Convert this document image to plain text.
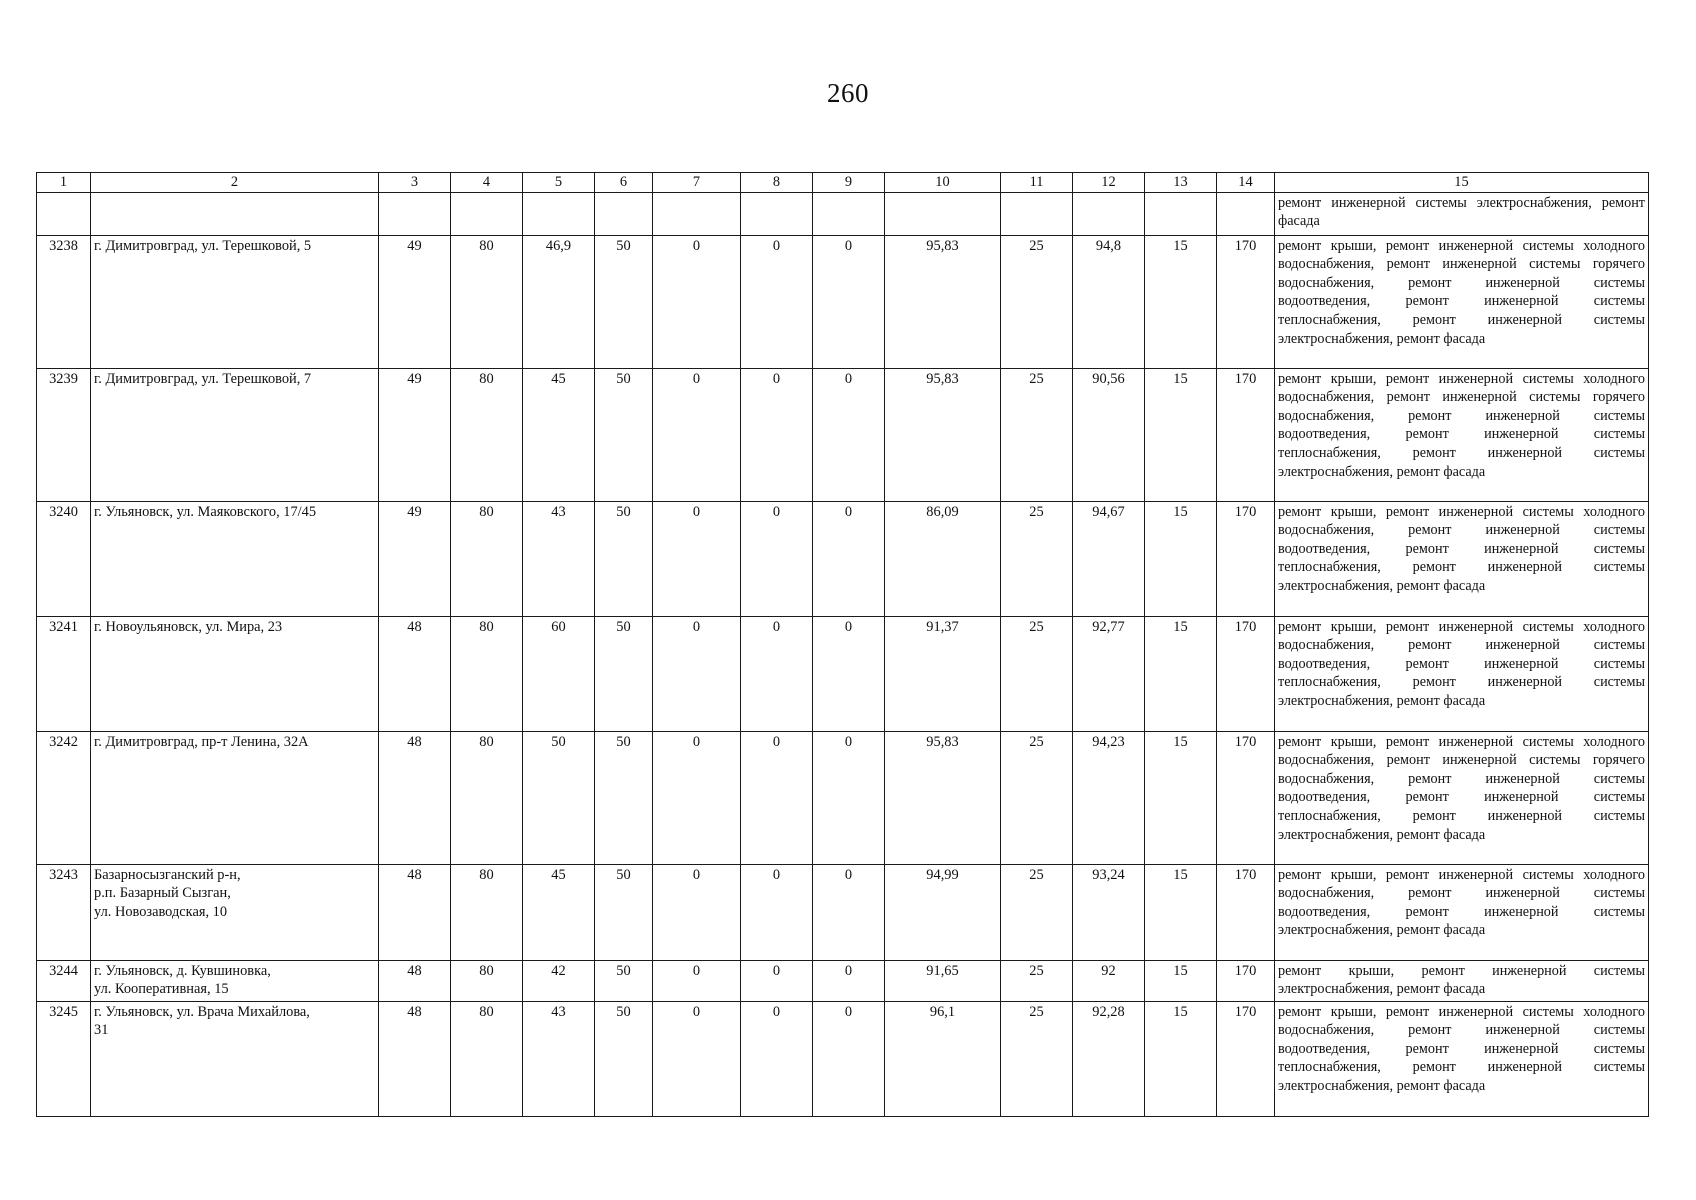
260
1	2	3	4	5	6	7	8	9	10	11	12	13	14	15
														ремонт инженерной системы электроснабжения, ремонт фасада
3238	г. Димитровград, ул. Терешковой, 5	49	80	46,9	50	0	0	0	95,83	25	94,8	15	170	ремонт крыши, ремонт инженерной системы холодного водоснабжения, ремонт инженерной системы горячего водоснабжения, ремонт инженерной системы водоотведения, ремонт инженерной системы теплоснабжения, ремонт инженерной системы электроснабжения, ремонт фасада
3239	г. Димитровград, ул. Терешковой, 7	49	80	45	50	0	0	0	95,83	25	90,56	15	170	ремонт крыши, ремонт инженерной системы холодного водоснабжения, ремонт инженерной системы горячего водоснабжения, ремонт инженерной системы водоотведения, ремонт инженерной системы теплоснабжения, ремонт инженерной системы электроснабжения, ремонт фасада
3240	г. Ульяновск, ул. Маяковского, 17/45	49	80	43	50	0	0	0	86,09	25	94,67	15	170	ремонт крыши, ремонт инженерной системы холодного водоснабжения, ремонт инженерной системы водоотведения, ремонт инженерной системы теплоснабжения, ремонт инженерной системы электроснабжения, ремонт фасада
3241	г. Новоульяновск, ул. Мира, 23	48	80	60	50	0	0	0	91,37	25	92,77	15	170	ремонт крыши, ремонт инженерной системы холодного водоснабжения, ремонт инженерной системы водоотведения, ремонт инженерной системы теплоснабжения, ремонт инженерной системы электроснабжения, ремонт фасада
3242	г. Димитровград, пр-т Ленина, 32А	48	80	50	50	0	0	0	95,83	25	94,23	15	170	ремонт крыши, ремонт инженерной системы холодного водоснабжения, ремонт инженерной системы горячего водоснабжения, ремонт инженерной системы водоотведения, ремонт инженерной системы теплоснабжения, ремонт инженерной системы электроснабжения, ремонт фасада
3243	Базарносызганский р-н,
р.п. Базарный Сызган,
ул. Новозаводская, 10	48	80	45	50	0	0	0	94,99	25	93,24	15	170	ремонт крыши, ремонт инженерной системы холодного водоснабжения, ремонт инженерной системы водоотведения, ремонт инженерной системы электроснабжения, ремонт фасада
3244	г. Ульяновск, д. Кувшиновка,
ул. Кооперативная, 15	48	80	42	50	0	0	0	91,65	25	92	15	170	ремонт крыши, ремонт инженерной системы электроснабжения, ремонт фасада
3245	г. Ульяновск, ул. Врача Михайлова,
31	48	80	43	50	0	0	0	96,1	25	92,28	15	170	ремонт крыши, ремонт инженерной системы холодного водоснабжения, ремонт инженерной системы водоотведения, ремонт инженерной системы теплоснабжения, ремонт инженерной системы электроснабжения, ремонт фасада
